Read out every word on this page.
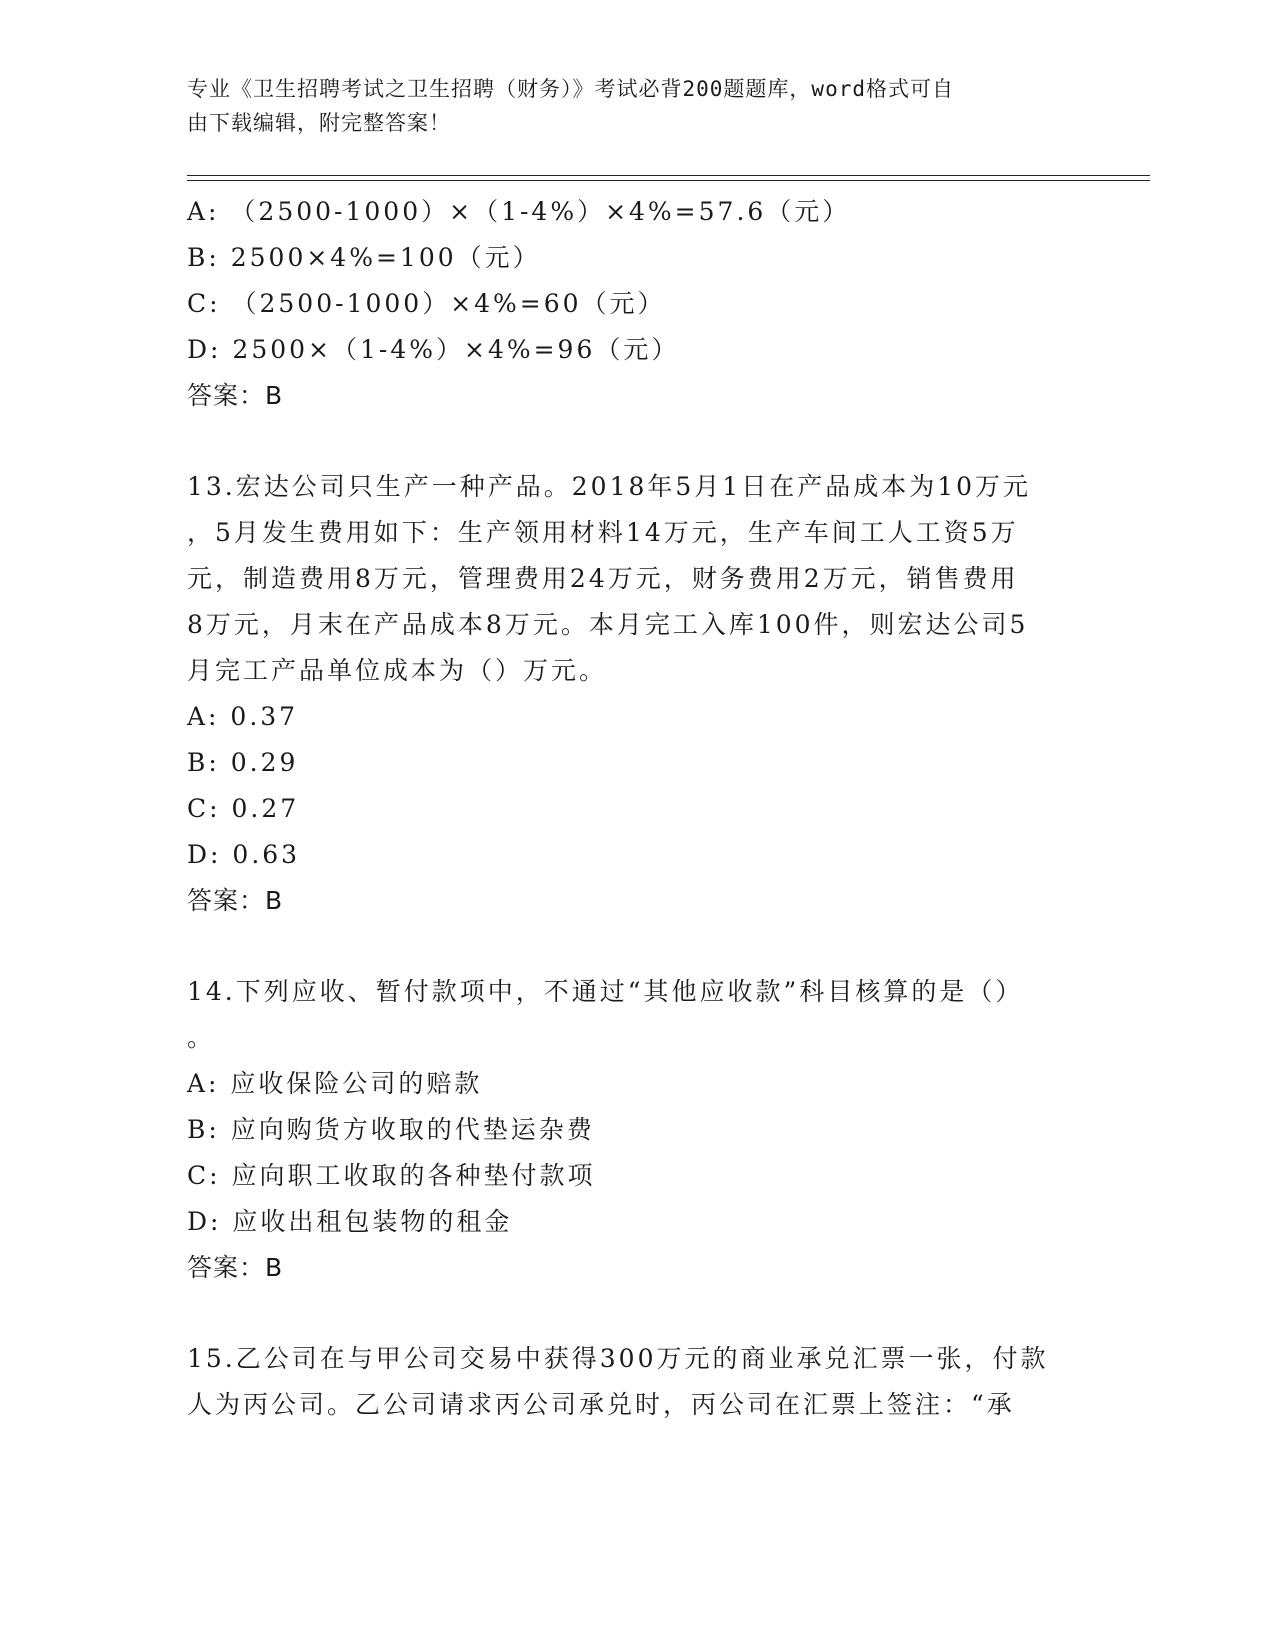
专业《卫生招聘考试之卫生招聘（财务）》考试必背200题题库，word格式可自
由下载编辑，附完整答案！
A: （2500-1000）×（1-4%）×4%=57.6（元）
B: 2500×4%=100（元）
C: （2500-1000）×4%=60（元）
D: 2500×（1-4%）×4%=96（元）
答案：B
13.宏达公司只生产一种产品。2018年5月1日在产品成本为10万元
，5月发生费用如下：生产领用材料14万元，生产车间工人工资5万
元，制造费用8万元，管理费用24万元，财务费用2万元，销售费用
8万元，月末在产品成本8万元。本月完工入库100件，则宏达公司5
月完工产品单位成本为（）万元。
A: 0.37
B: 0.29
C: 0.27
D: 0.63
答案：B
14.下列应收、暂付款项中，不通过“其他应收款”科目核算的是（）
。
A: 应收保险公司的赔款
B: 应向购货方收取的代垫运杂费
C: 应向职工收取的各种垫付款项
D: 应收出租包装物的租金
答案：B
15.乙公司在与甲公司交易中获得300万元的商业承兑汇票一张，付款
人为丙公司。乙公司请求丙公司承兑时，丙公司在汇票上签注：“承
